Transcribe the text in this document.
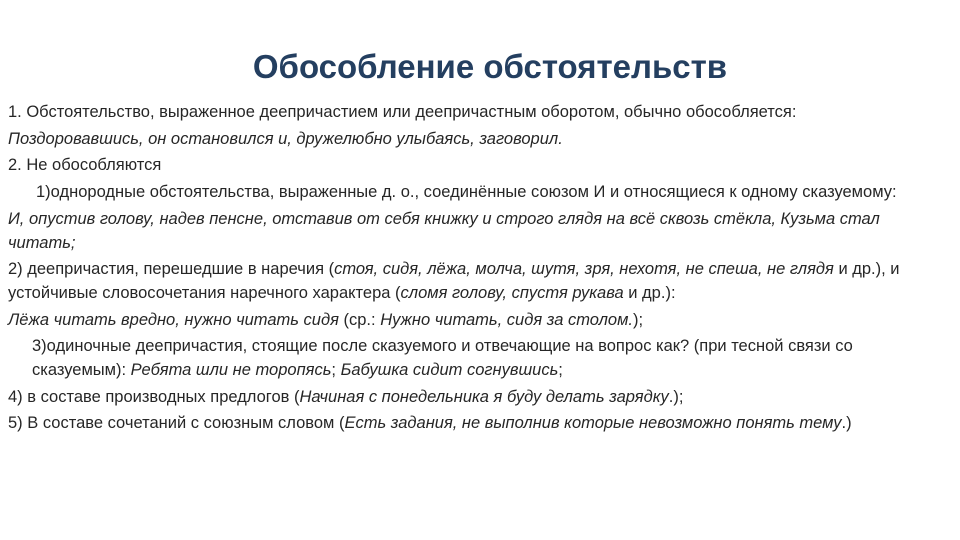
Обособление обстоятельств

1. Обстоятельство, выраженное деепричастием или деепричастным оборотом, обычно обособляется:

Поздоровавшись, он остановился и, дружелюбно улыбаясь, заговорил.

2. Не обособляются

1)однородные обстоятельства, выраженные д. о., соединённые союзом И и относящиеся к одному сказуемому:

И, опустив голову, надев пенсне, отставив от себя книжку и строго глядя на всё сквозь стёкла, Кузьма стал читать;

2) деепричастия, перешедшие в наречия (стоя, сидя, лёжа, молча, шутя, зря, нехотя, не спеша, не глядя и др.), и устойчивые словосочетания наречного характера (сломя голову, спустя рукава и др.):

Лёжа читать вредно, нужно читать сидя (ср.: Нужно читать, сидя за столом.);

3)одиночные деепричастия, стоящие после сказуемого и отвечающие на вопрос как? (при тесной связи со сказуемым): Ребята шли не торопясь; Бабушка сидит согнувшись;

4) в составе производных предлогов (Начиная с понедельника я буду делать зарядку.);

5) В составе сочетаний с союзным словом (Есть задания, не выполнив которые невозможно понять тему.)
